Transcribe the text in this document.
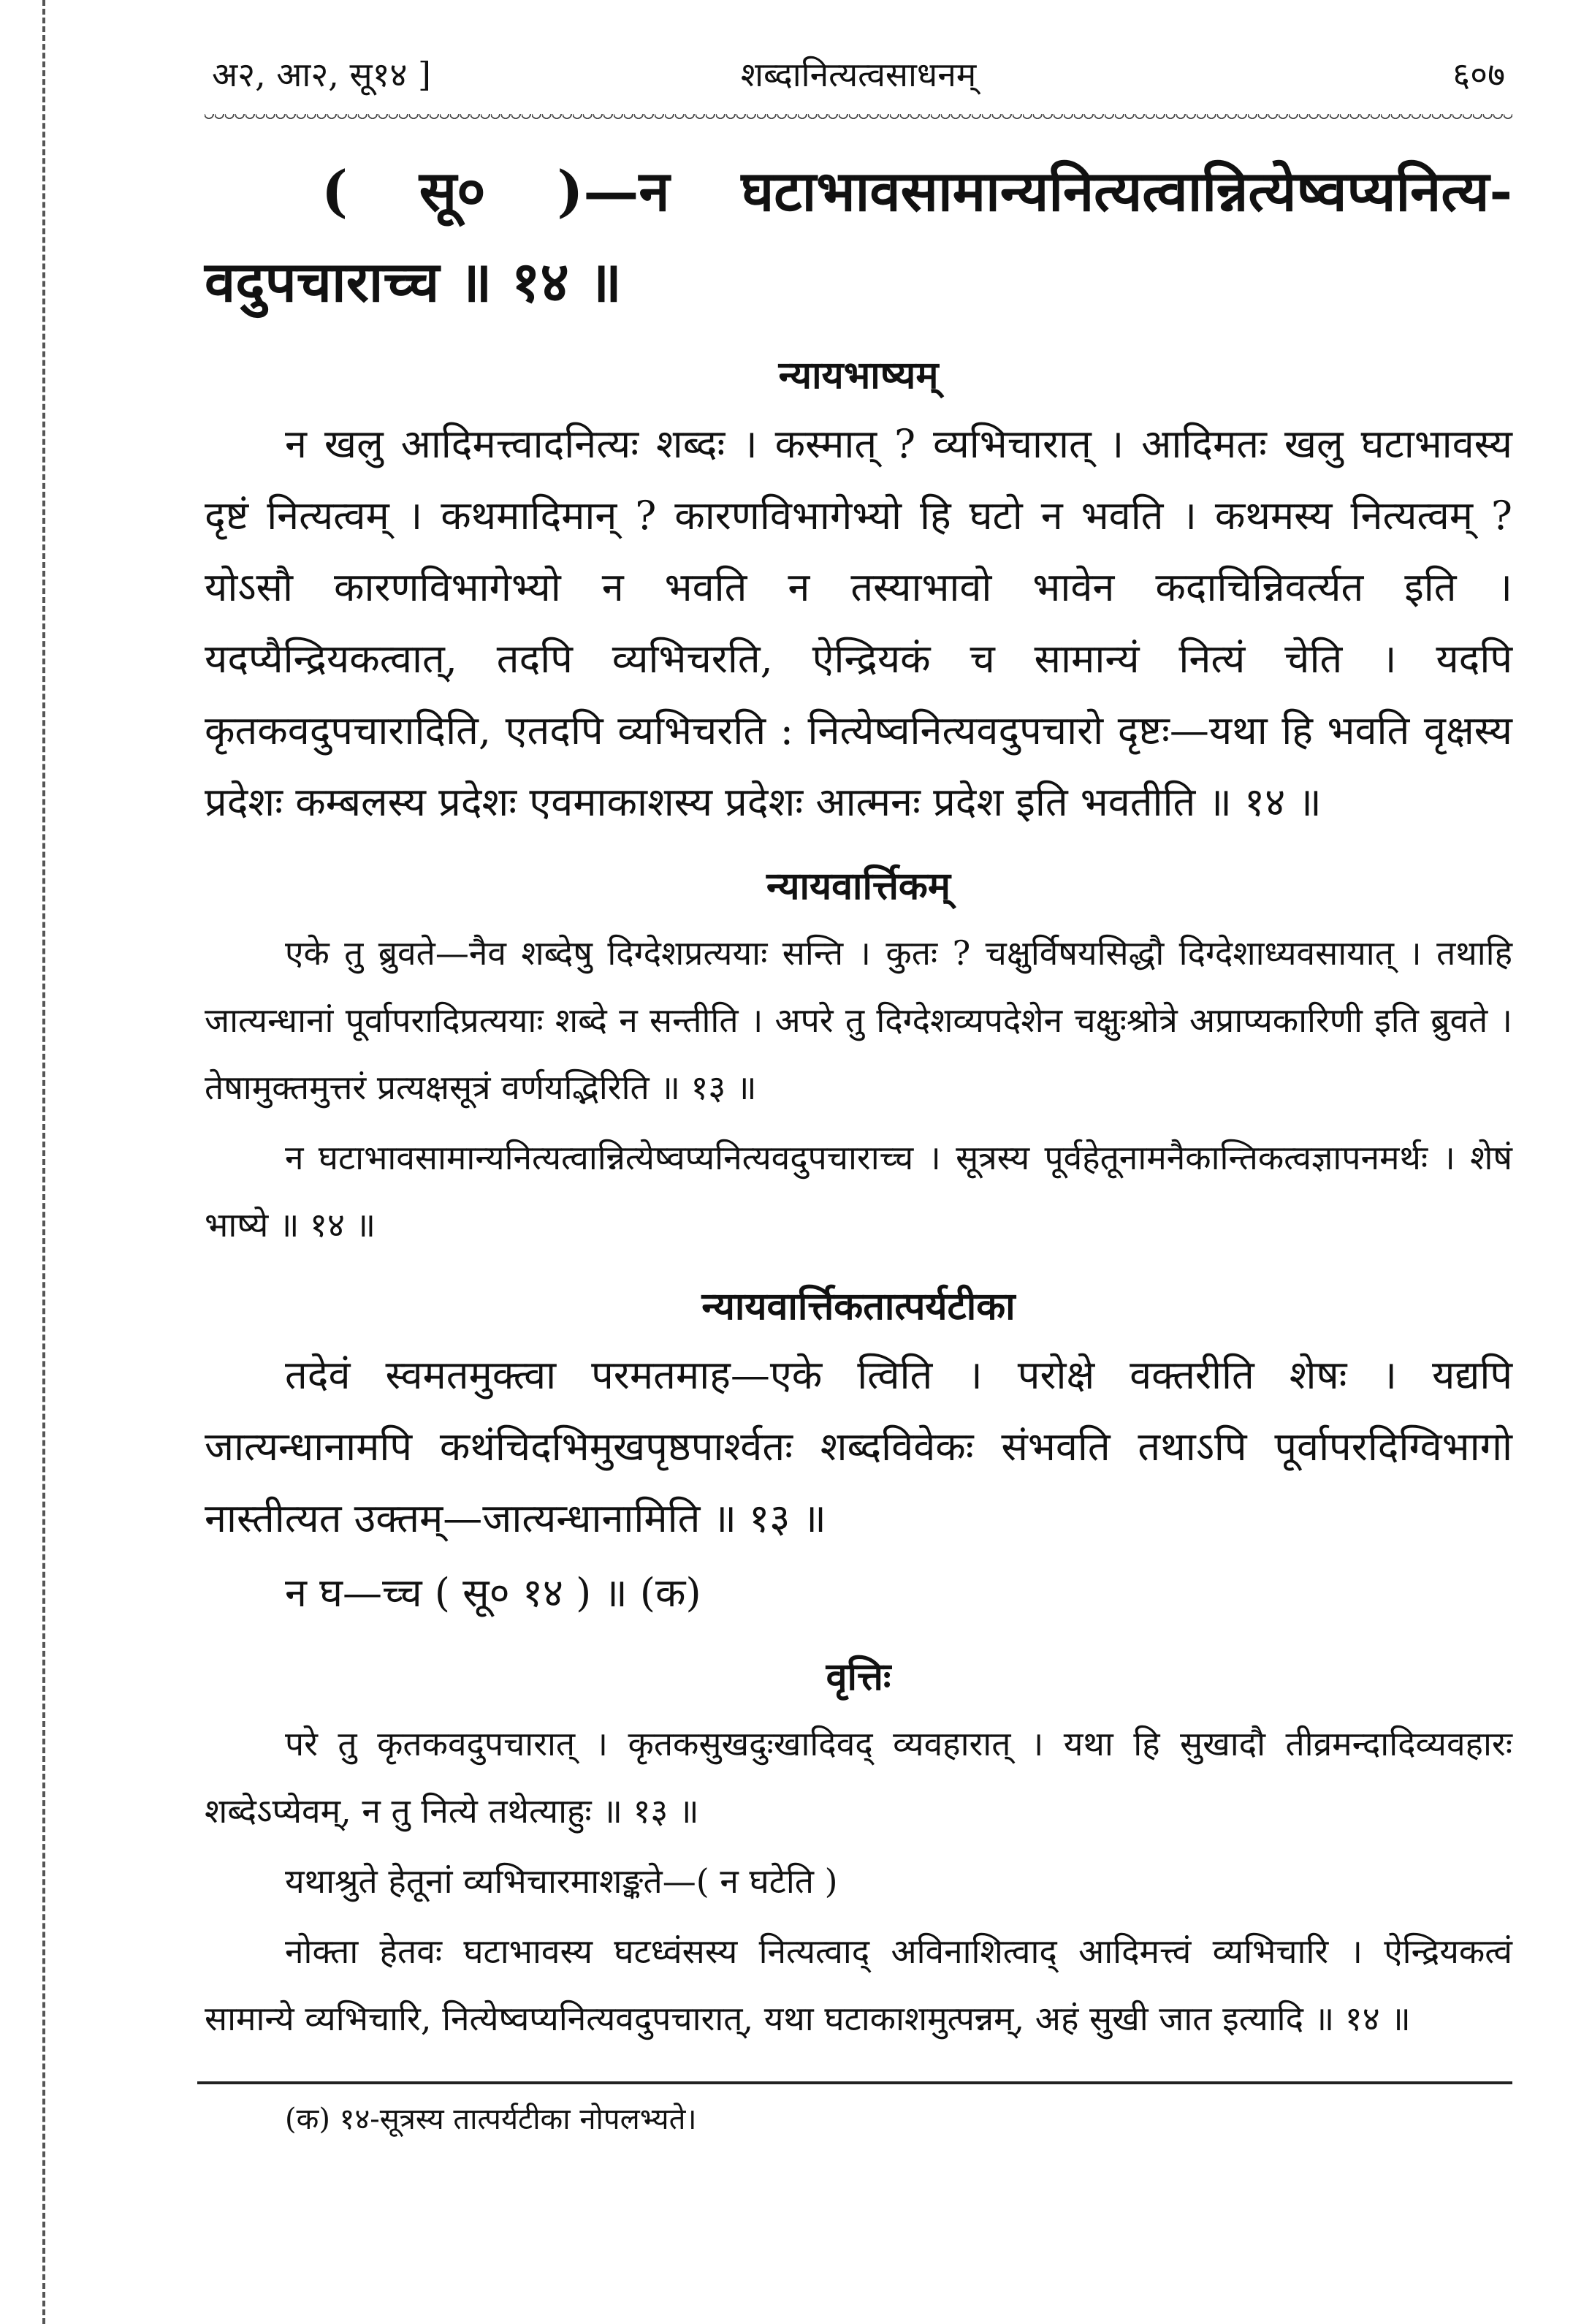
अ२, आ२, सू१४ ]	शब्दानित्यत्वसाधनम्	६०७
( सू० )—न घटाभावसामान्यनित्यत्वान्नित्येष्वप्यनित्य- वदुपचाराच्च ॥ १४ ॥
न्यायभाष्यम्

न खलु आदिमत्त्वादनित्यः शब्दः । कस्मात् ? व्यभिचारात् । आदिमतः खलु घटाभावस्य दृष्टं नित्यत्वम् । कथमादिमान् ? कारणविभागेभ्यो हि घटो न भवति । कथमस्य नित्यत्वम् ? योऽसौ कारणविभागेभ्यो न भवति न तस्याभावो भावेन कदाचिन्निवर्त्यत इति । यदप्यैन्द्रियकत्वात्, तदपि व्यभिचरति, ऐन्द्रियकं च सामान्यं नित्यं चेति । यदपि कृतकवदुपचारादिति, एतदपि व्यभिचरति : नित्येष्वनित्यवदुपचारो दृष्टः—यथा हि भवति वृक्षस्य प्रदेशः कम्बलस्य प्रदेशः एवमाकाशस्य प्रदेशः आत्मनः प्रदेश इति भवतीति ॥ १४ ॥

न्यायवार्त्तिकम्

एके तु ब्रुवते—नैव शब्देषु दिग्देशप्रत्ययाः सन्ति । कुतः ? चक्षुर्विषयसिद्धौ दिग्देशाध्यवसायात् । तथाहि जात्यन्धानां पूर्वापरादिप्रत्ययाः शब्दे न सन्तीति । अपरे तु दिग्देशव्यपदेशेन चक्षुःश्रोत्रे अप्राप्यकारिणी इति ब्रुवते । तेषामुक्तमुत्तरं प्रत्यक्षसूत्रं वर्णयद्भिरिति ॥ १३ ॥

न घटाभावसामान्यनित्यत्वान्नित्येष्वप्यनित्यवदुपचाराच्च । सूत्रस्य पूर्वहेतूनामनैकान्तिकत्वज्ञापनमर्थः । शेषं भाष्ये ॥ १४ ॥

न्यायवार्त्तिकतात्पर्यटीका

तदेवं स्वमतमुक्त्वा परमतमाह—एके त्विति । परोक्षे वक्तरीति शेषः । यद्यपि जात्यन्धानामपि कथंचिदभिमुखपृष्ठपार्श्वतः शब्दविवेकः संभवति तथाऽपि पूर्वापरदिग्विभागो नास्तीत्यत उक्तम्—जात्यन्धानामिति ॥ १३ ॥

न घ—च्च ( सू० १४ ) ॥ (क)

वृत्तिः

परे तु कृतकवदुपचारात् । कृतकसुखदुःखादिवद् व्यवहारात् । यथा हि सुखादौ तीव्रमन्दादिव्यवहारः शब्देऽप्येवम्, न तु नित्ये तथेत्याहुः ॥ १३ ॥

यथाश्रुते हेतूनां व्यभिचारमाशङ्कते—( न घटेति )

नोक्ता हेतवः घटाभावस्य घटध्वंसस्य नित्यत्वाद् अविनाशित्वाद् आदिमत्त्वं व्यभिचारि । ऐन्द्रियकत्वं सामान्ये व्यभिचारि, नित्येष्वप्यनित्यवदुपचारात्, यथा घटाकाशमुत्पन्नम्, अहं सुखी जात इत्यादि ॥ १४ ॥

(क) १४-सूत्रस्य तात्पर्यटीका नोपलभ्यते।
